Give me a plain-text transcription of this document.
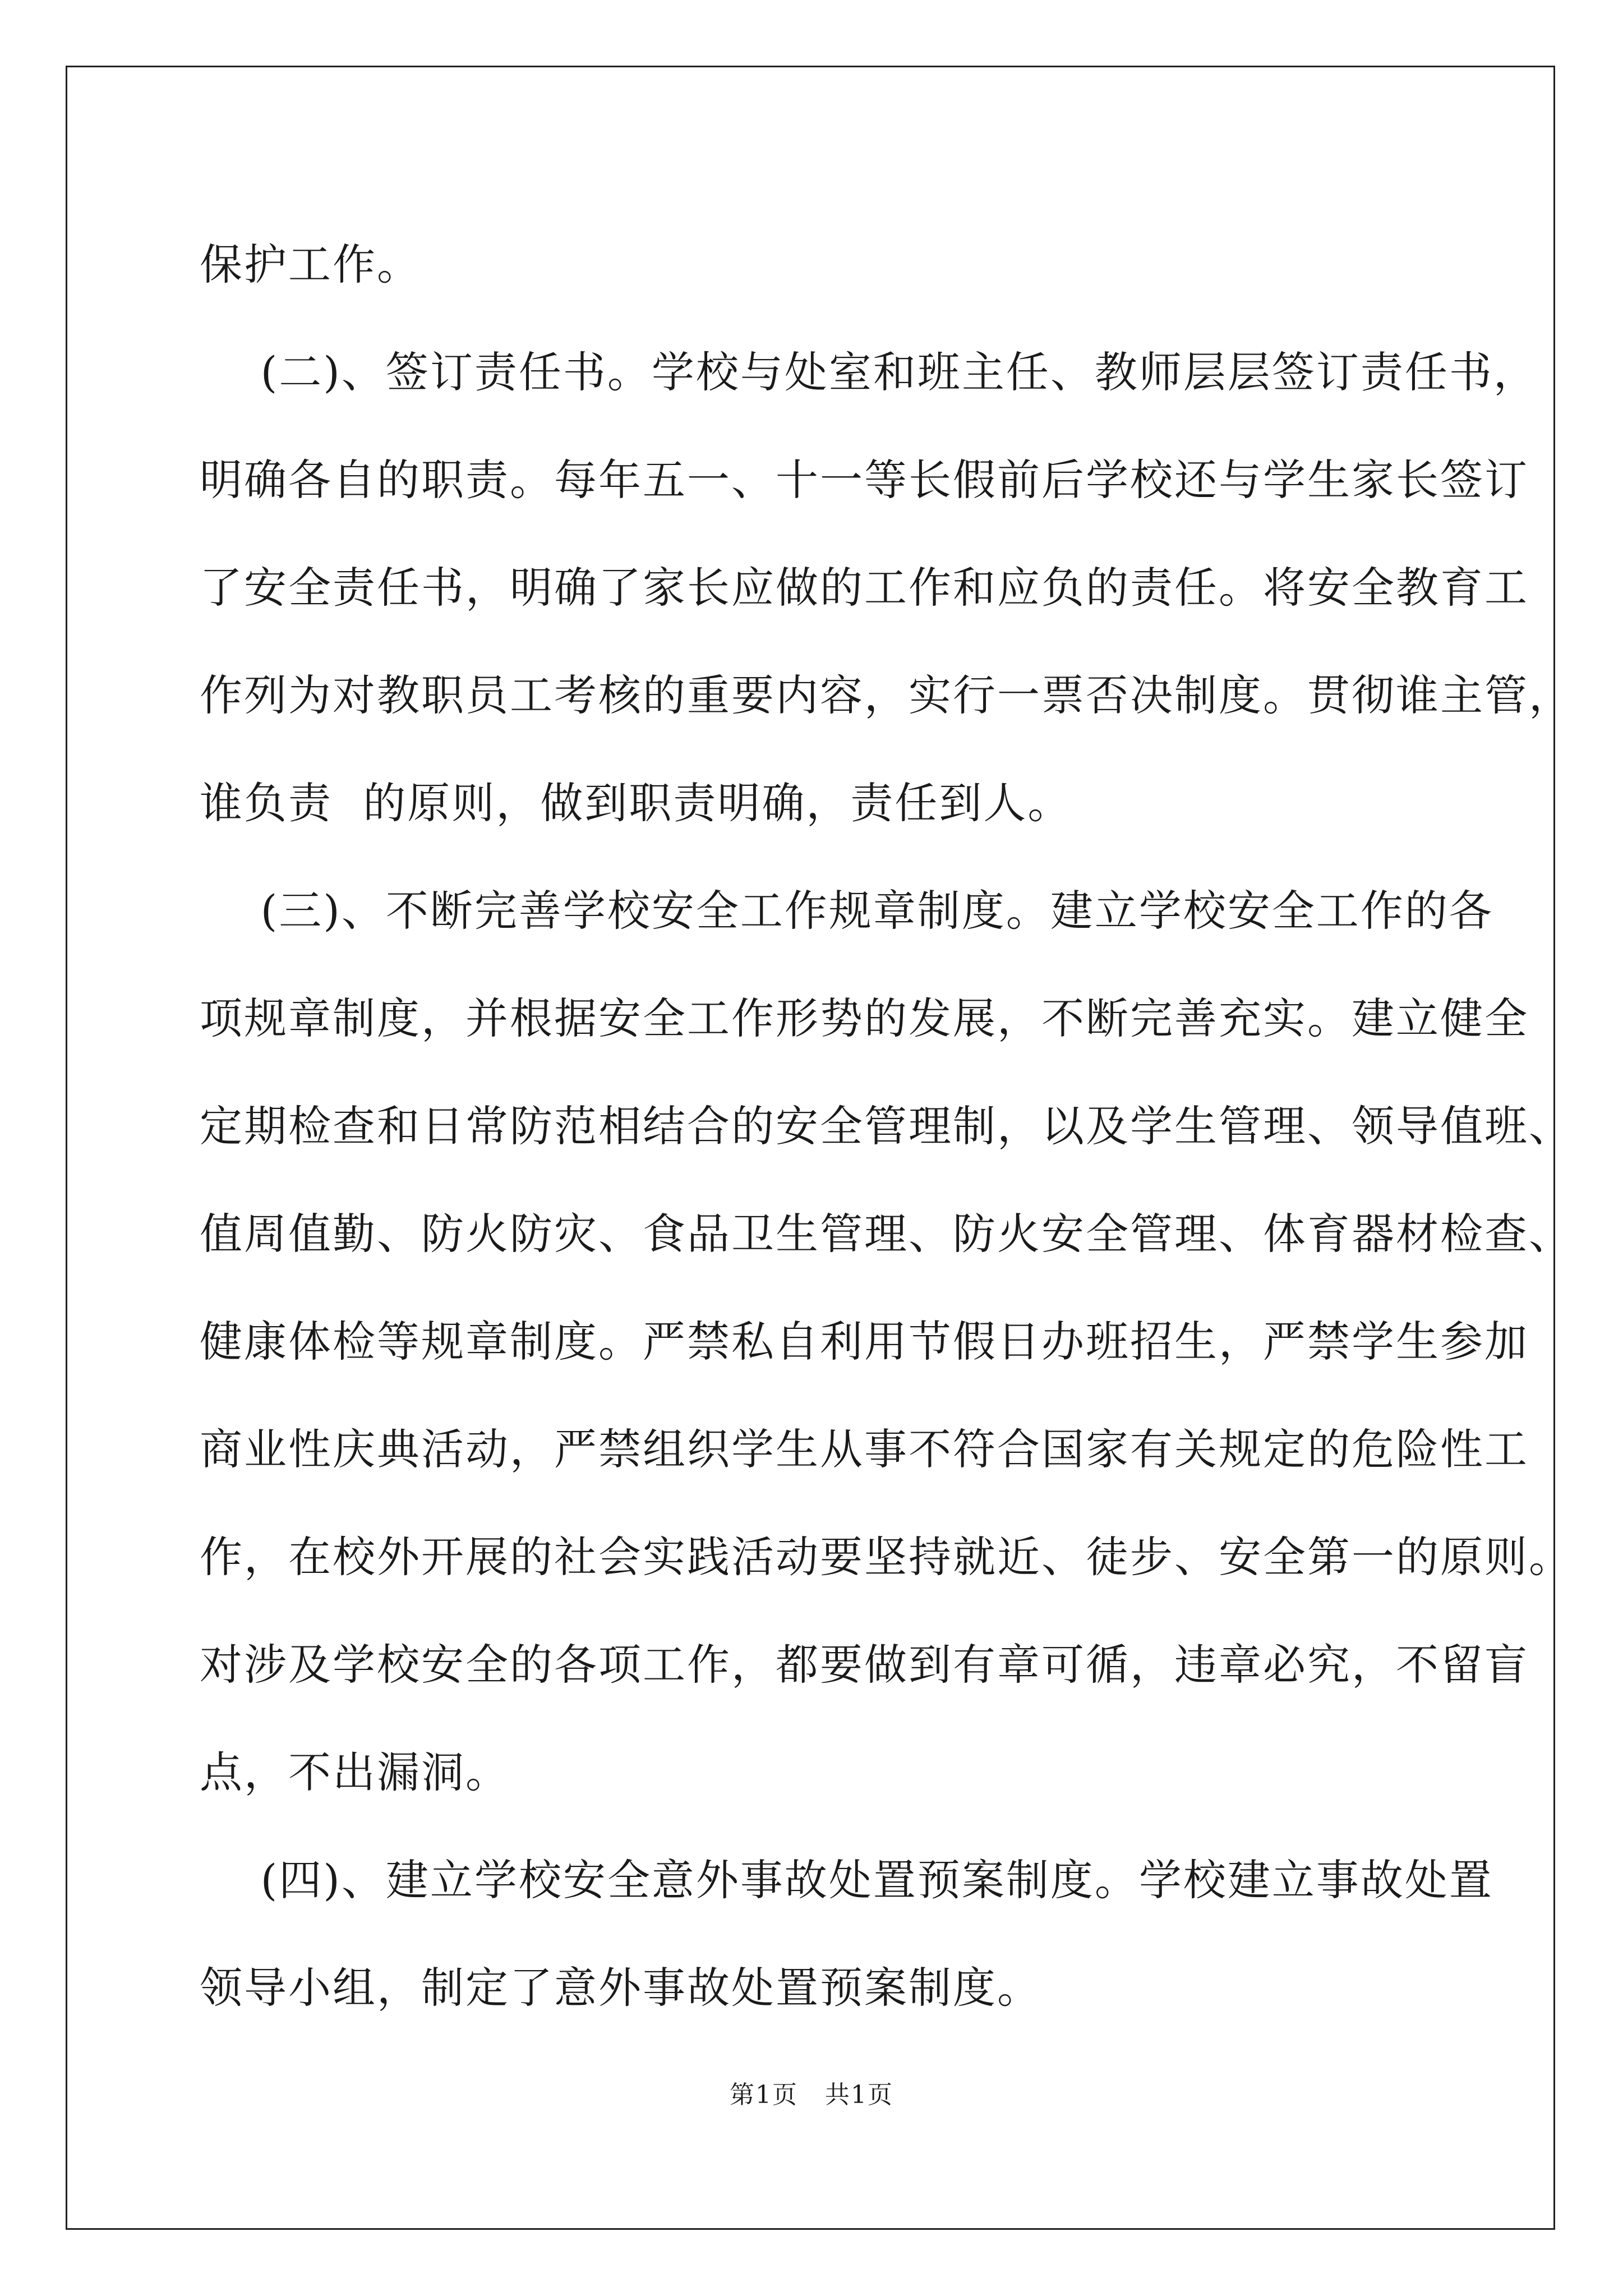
保护工作。
(二)、签订责任书。学校与处室和班主任、教师层层签订责任书，
明确各自的职责。每年五一、十一等长假前后学校还与学生家长签订
了安全责任书，明确了家长应做的工作和应负的责任。将安全教育工
作列为对教职员工考核的重要内容，实行一票否决制度。贯彻谁主管，
谁负责  的原则，做到职责明确，责任到人。
(三)、不断完善学校安全工作规章制度。建立学校安全工作的各
项规章制度，并根据安全工作形势的发展，不断完善充实。建立健全
定期检查和日常防范相结合的安全管理制，以及学生管理、领导值班、
值周值勤、防火防灾、食品卫生管理、防火安全管理、体育器材检查、
健康体检等规章制度。严禁私自利用节假日办班招生，严禁学生参加
商业性庆典活动，严禁组织学生从事不符合国家有关规定的危险性工
作，在校外开展的社会实践活动要坚持就近、徒步、安全第一的原则。
对涉及学校安全的各项工作，都要做到有章可循，违章必究，不留盲
点，不出漏洞。
(四)、建立学校安全意外事故处置预案制度。学校建立事故处置
领导小组，制定了意外事故处置预案制度。
第1页   共1页
